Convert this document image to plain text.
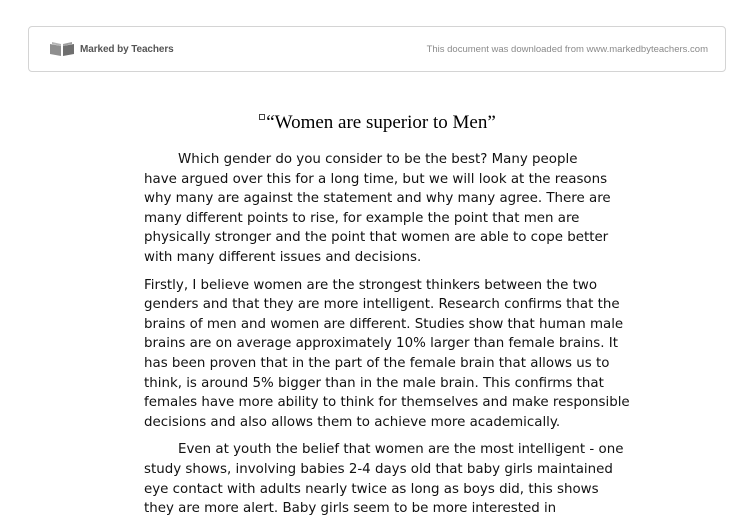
Marked by Teachers	This document was downloaded from www.markedbyteachers.com
“Women are superior to Men”

Which gender do you consider to be the best? Many people
have argued over this for a long time, but we will look at the reasons
why many are against the statement and why many agree. There are
many different points to rise, for example the point that men are
physically stronger and the point that women are able to cope better
with many different issues and decisions.

Firstly, I believe women are the strongest thinkers between the two
genders and that they are more intelligent. Research confirms that the
brains of men and women are different. Studies show that human male
brains are on average approximately 10% larger than female brains. It
has been proven that in the part of the female brain that allows us to
think, is around 5% bigger than in the male brain. This confirms that
females have more ability to think for themselves and make responsible
decisions and also allows them to achieve more academically.

Even at youth the belief that women are the most intelligent - one
study shows, involving babies 2-4 days old that baby girls maintained
eye contact with adults nearly twice as long as boys did, this shows
they are more alert. Baby girls seem to be more interested in
